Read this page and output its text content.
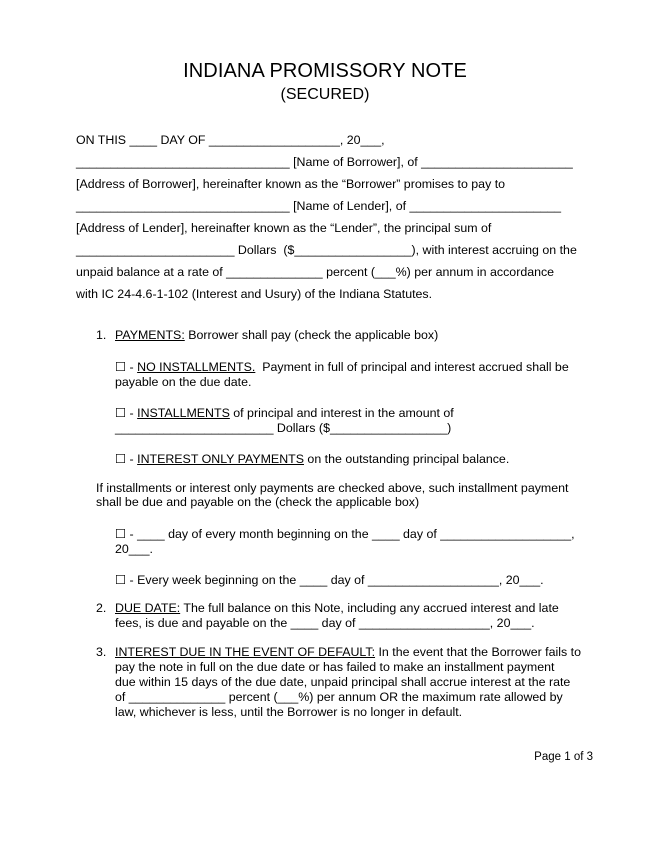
INDIANA PROMISSORY NOTE
(SECURED)
ON THIS ____ DAY OF ___________________, 20___,
_______________________________ [Name of Borrower], of ______________________
[Address of Borrower], hereinafter known as the “Borrower” promises to pay to
_______________________________ [Name of Lender], of ______________________
[Address of Lender], hereinafter known as the “Lender”, the principal sum of
_______________________ Dollars  ($_________________), with interest accruing on the
unpaid balance at a rate of ______________ percent (___%) per annum in accordance
with IC 24-4.6-1-102 (Interest and Usury) of the Indiana Statutes.
1. PAYMENTS: Borrower shall pay (check the applicable box)
☐ - NO INSTALLMENTS.  Payment in full of principal and interest accrued shall be
payable on the due date.
☐ - INSTALLMENTS of principal and interest in the amount of
_______________________ Dollars ($_________________)
☐ - INTEREST ONLY PAYMENTS on the outstanding principal balance.
If installments or interest only payments are checked above, such installment payment
shall be due and payable on the (check the applicable box)
☐ - ____ day of every month beginning on the ____ day of ___________________,
20___.
☐ - Every week beginning on the ____ day of ___________________, 20___.
2. DUE DATE: The full balance on this Note, including any accrued interest and late
fees, is due and payable on the ____ day of ___________________, 20___.
3. INTEREST DUE IN THE EVENT OF DEFAULT: In the event that the Borrower fails to
pay the note in full on the due date or has failed to make an installment payment
due within 15 days of the due date, unpaid principal shall accrue interest at the rate
of ______________ percent (___%) per annum OR the maximum rate allowed by
law, whichever is less, until the Borrower is no longer in default.
Page 1 of 3
